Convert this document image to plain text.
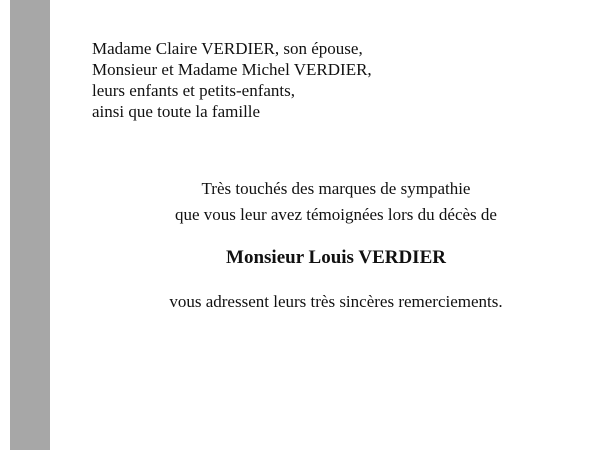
Madame Claire VERDIER, son épouse,
Monsieur et Madame Michel VERDIER,
leurs enfants et petits-enfants,
ainsi que toute la famille
Très touchés des marques de sympathie
que vous leur avez témoignées lors du décès de
Monsieur Louis VERDIER
vous adressent leurs très sincères remerciements.
